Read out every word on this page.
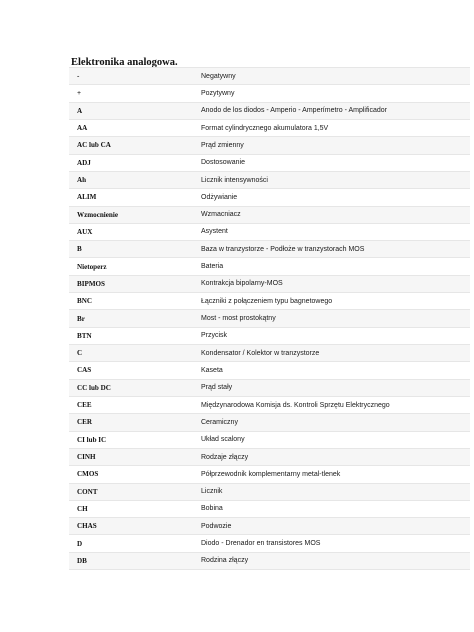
Elektronika analogowa.
-	Negatywny
+	Pozytywny
A	Anodo de los diodos - Amperio - Amperímetro - Amplificador
AA	Format cylindrycznego akumulatora 1,5V
AC lub CA	Prąd zmienny
ADJ	Dostosowanie
Ah	Licznik intensywności
ALIM	Odżywianie
Wzmocnienie	Wzmacniacz
AUX	Asystent
B	Baza w tranzystorze - Podłoże w tranzystorach MOS
Nietoperz	Bateria
BIPMOS	Kontrakcja bipolarny-MOS
BNC	Łączniki z połączeniem typu bagnetowego
Br	Most - most prostokątny
BTN	Przycisk
C	Kondensator / Kolektor w tranzystorze
CAS	Kaseta
CC lub DC	Prąd stały
CEE	Międzynarodowa Komisja ds. Kontroli Sprzętu Elektrycznego
CER	Ceramiczny
CI lub IC	Układ scalony
CINH	Rodzaje złączy
CMOS	Półprzewodnik komplementarny metal-tlenek
CONT	Licznik
CH	Bobina
CHAS	Podwozie
D	Diodo - Drenador en transistores MOS
DB	Rodzina złączy
